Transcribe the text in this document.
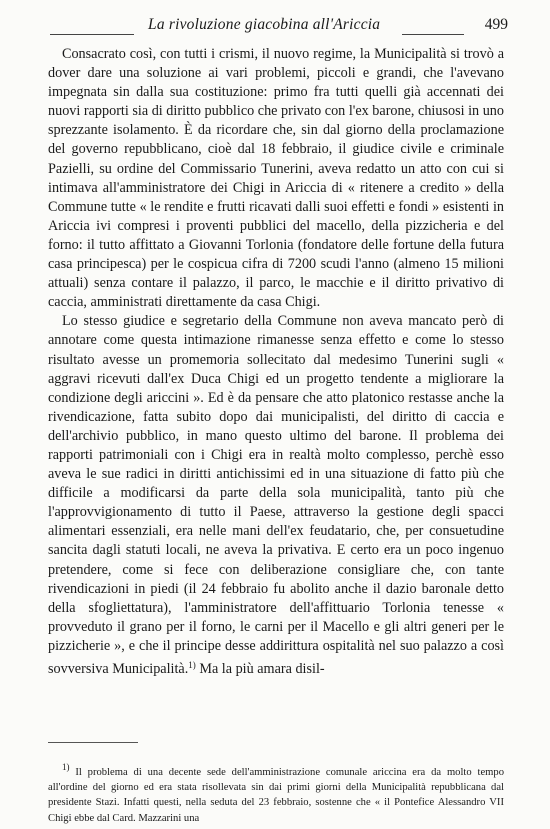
La rivoluzione giacobina all'Ariccia	499

Consacrato così, con tutti i crismi, il nuovo regime, la Municipalità si trovò a dover dare una soluzione ai vari problemi, piccoli e grandi, che l'avevano impegnata sin dalla sua costituzione: primo fra tutti quelli già accennati dei nuovi rapporti sia di diritto pubblico che privato con l'ex barone, chiusosi in uno sprezzante isolamento. È da ricordare che, sin dal giorno della proclamazione del governo repubblicano, cioè dal 18 febbraio, il giudice civile e criminale Pazielli, su ordine del Commissario Tunerini, aveva redatto un atto con cui si intimava all'amministratore dei Chigi in Ariccia di « ritenere a credito » della Commune tutte « le rendite e frutti ricavati dalli suoi effetti e fondi » esistenti in Ariccia ivi compresi i proventi pubblici del macello, della pizzicheria e del forno: il tutto affittato a Giovanni Torlonia (fondatore delle fortune della futura casa principesca) per le cospicua cifra di 7200 scudi l'anno (almeno 15 milioni attuali) senza contare il palazzo, il parco, le macchie e il diritto privativo di caccia, amministrati direttamente da casa Chigi.

Lo stesso giudice e segretario della Commune non aveva mancato però di annotare come questa intimazione rimanesse senza effetto e come lo stesso risultato avesse un promemoria sollecitato dal medesimo Tunerini sugli « aggravi ricevuti dall'ex Duca Chigi ed un progetto tendente a migliorare la condizione degli ariccini ». Ed è da pensare che atto platonico restasse anche la rivendicazione, fatta subito dopo dai municipalisti, del diritto di caccia e dell'archivio pubblico, in mano questo ultimo del barone. Il problema dei rapporti patrimoniali con i Chigi era in realtà molto complesso, perchè esso aveva le sue radici in diritti antichissimi ed in una situazione di fatto più che difficile a modificarsi da parte della sola municipalità, tanto più che l'approvvigionamento di tutto il Paese, attraverso la gestione degli spacci alimentari essenziali, era nelle mani dell'ex feudatario, che, per consuetudine sancita dagli statuti locali, ne aveva la privativa. E certo era un poco ingenuo pretendere, come si fece con deliberazione consigliare che, con tante rivendicazioni in piedi (il 24 febbraio fu abolito anche il dazio baronale detto della sfogliettatura), l'amministratore dell'affittuario Torlonia tenesse « provveduto il grano per il forno, le carni per il Macello e gli altri generi per le pizzicherie », e che il principe desse addirittura ospitalità nel suo palazzo a così sovversiva Municipalità.$^{1)}$ Ma la più amara disil-

$^{1)}$ Il problema di una decente sede dell'amministrazione comunale ariccina era da molto tempo all'ordine del giorno ed era stata risollevata sin dai primi giorni della Municipalità repubblicana dal presidente Stazi. Infatti questi, nella seduta del 23 febbraio, sostenne che « il Pontefice Alessandro VII Chigi ebbe dal Card. Mazzarini una
